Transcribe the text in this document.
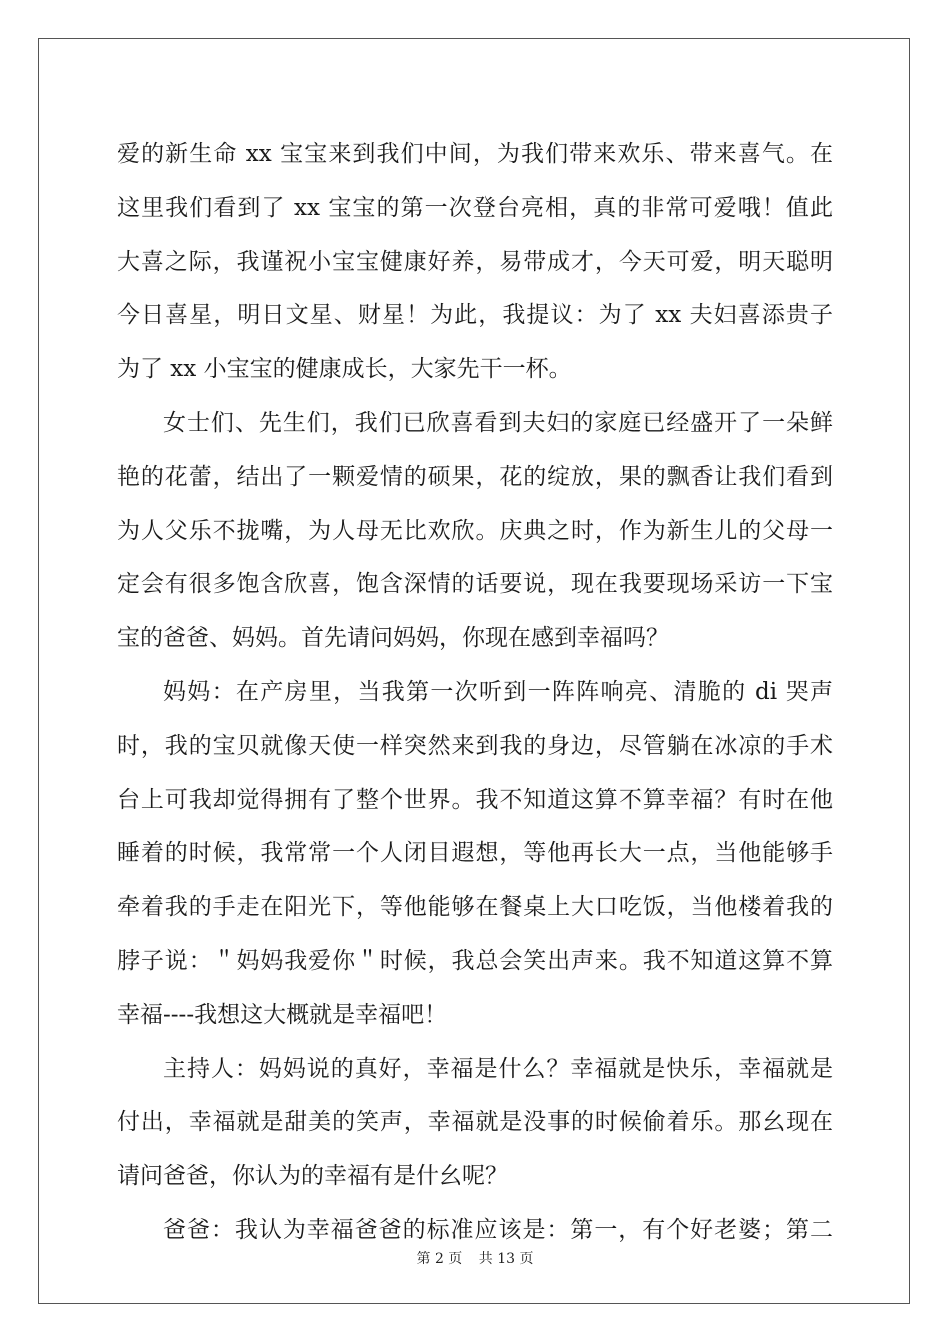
爱的新生命 xx 宝宝来到我们中间，为我们带来欢乐、带来喜气。在
这里我们看到了 xx 宝宝的第一次登台亮相，真的非常可爱哦！值此
大喜之际，我谨祝小宝宝健康好养，易带成才，今天可爱，明天聪明
今日喜星，明日文星、财星！为此，我提议：为了 xx 夫妇喜添贵子
为了 xx 小宝宝的健康成长，大家先干一杯。
女士们、先生们，我们已欣喜看到夫妇的家庭已经盛开了一朵鲜
艳的花蕾，结出了一颗爱情的硕果，花的绽放，果的飘香让我们看到
为人父乐不拢嘴，为人母无比欢欣。庆典之时，作为新生儿的父母一
定会有很多饱含欣喜，饱含深情的话要说，现在我要现场采访一下宝
宝的爸爸、妈妈。首先请问妈妈，你现在感到幸福吗？
妈妈：在产房里，当我第一次听到一阵阵响亮、清脆的 di 哭声
时，我的宝贝就像天使一样突然来到我的身边，尽管躺在冰凉的手术
台上可我却觉得拥有了整个世界。我不知道这算不算幸福？有时在他
睡着的时候，我常常一个人闭目遐想，等他再长大一点，当他能够手
牵着我的手走在阳光下，等他能够在餐桌上大口吃饭，当他楼着我的
脖子说：＂妈妈我爱你＂时候，我总会笑出声来。我不知道这算不算
幸福----我想这大概就是幸福吧！
主持人：妈妈说的真好，幸福是什么？幸福就是快乐，幸福就是
付出，幸福就是甜美的笑声，幸福就是没事的时候偷着乐。那幺现在
请问爸爸，你认为的幸福有是什幺呢？
爸爸：我认为幸福爸爸的标准应该是：第一，有个好老婆；第二
第 2 页 共 13 页
